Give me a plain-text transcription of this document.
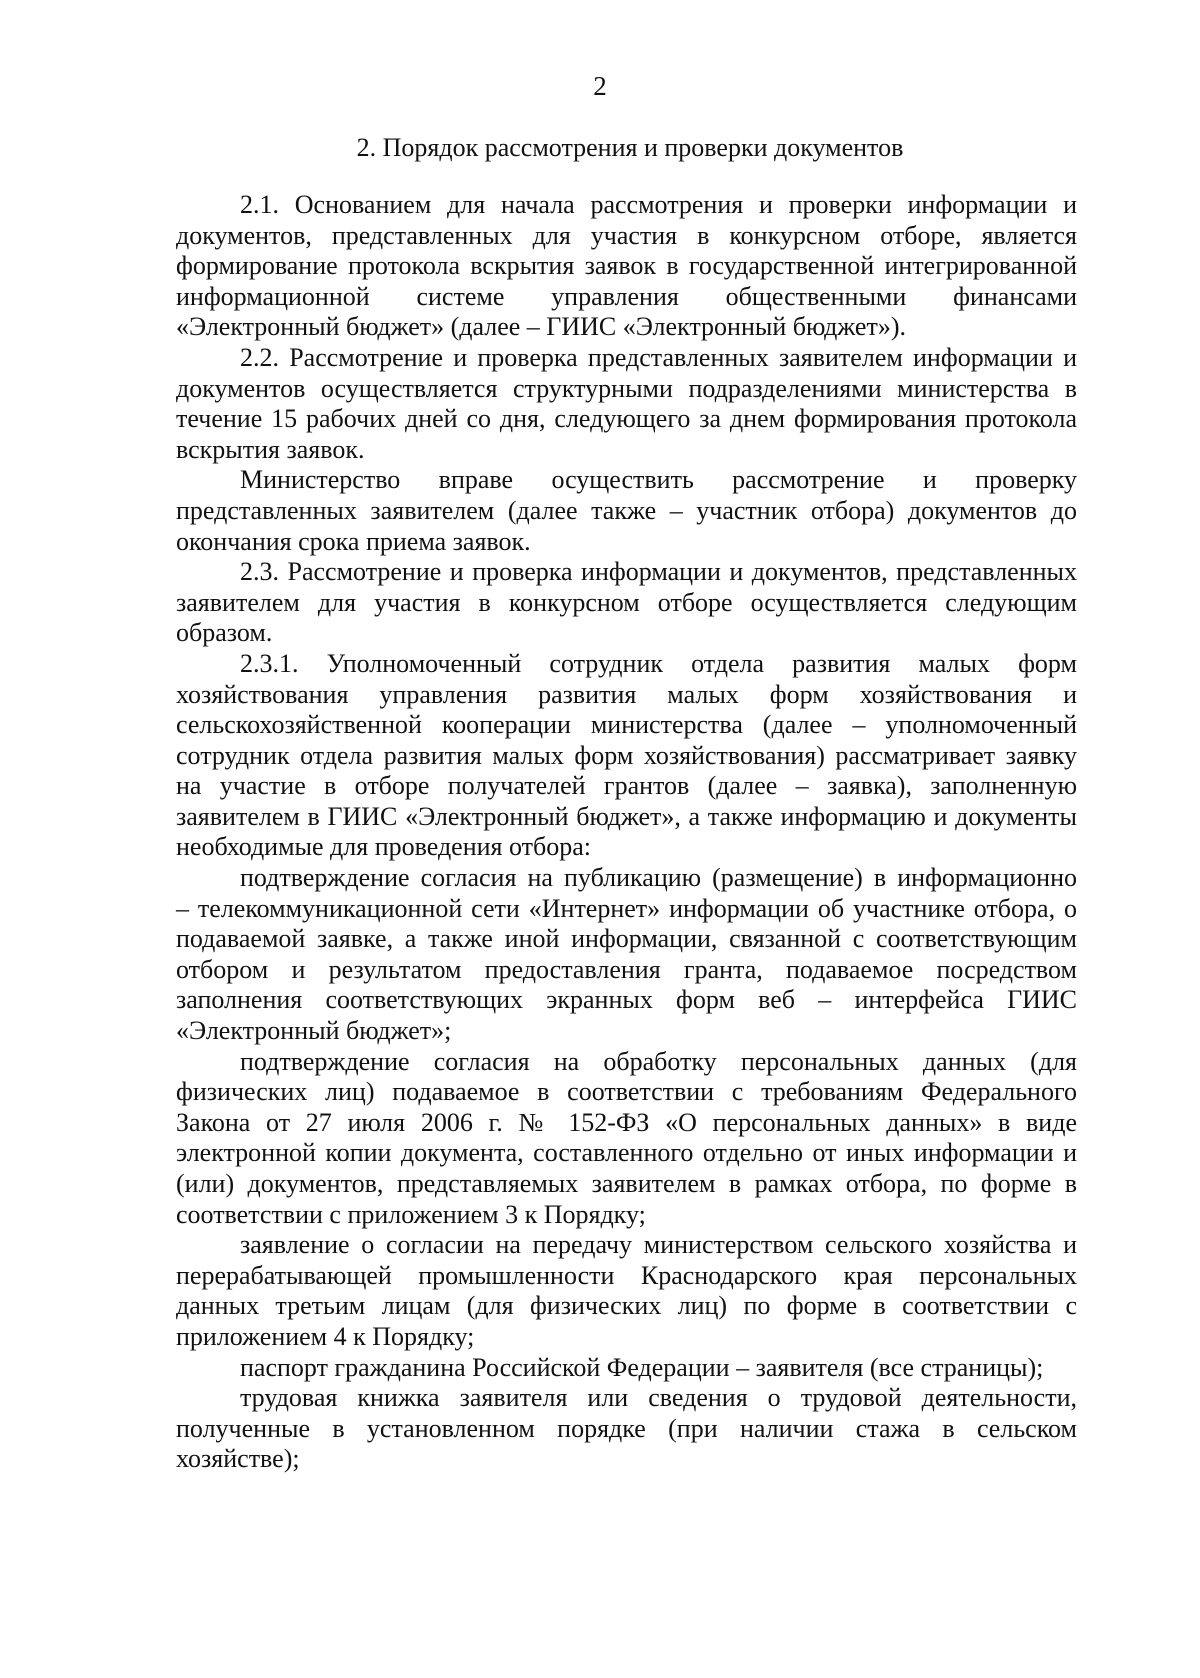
2
2. Порядок рассмотрения и проверки документов
2.1. Основанием для начала рассмотрения и проверки информации и
документов, представленных для участия в конкурсном отборе, является
формирование протокола вскрытия заявок в государственной интегрированной
информационной системе управления общественными финансами
«Электронный бюджет» (далее – ГИИС «Электронный бюджет»).
2.2. Рассмотрение и проверка представленных заявителем информации и
документов осуществляется структурными подразделениями министерства в
течение 15 рабочих дней со дня, следующего за днем формирования протокола
вскрытия заявок.
Министерство вправе осуществить рассмотрение и проверку
представленных заявителем (далее также – участник отбора) документов до
окончания срока приема заявок.
2.3. Рассмотрение и проверка информации и документов, представленных
заявителем для участия в конкурсном отборе осуществляется следующим
образом.
2.3.1. Уполномоченный сотрудник отдела развития малых форм
хозяйствования управления развития малых форм хозяйствования и
сельскохозяйственной кооперации министерства (далее – уполномоченный
сотрудник отдела развития малых форм хозяйствования) рассматривает заявку
на участие в отборе получателей грантов (далее – заявка), заполненную
заявителем в ГИИС «Электронный бюджет», а также информацию и документы
необходимые для проведения отбора:
подтверждение согласия на публикацию (размещение) в информационно
– телекоммуникационной сети «Интернет» информации об участнике отбора, о
подаваемой заявке, а также иной информации, связанной с соответствующим
отбором и результатом предоставления гранта, подаваемое посредством
заполнения соответствующих экранных форм веб – интерфейса ГИИС
«Электронный бюджет»;
подтверждение согласия на обработку персональных данных (для
физических лиц) подаваемое в соответствии с требованиям Федерального
Закона от 27 июля 2006 г. № 152-ФЗ «О персональных данных» в виде
электронной копии документа, составленного отдельно от иных информации и
(или) документов, представляемых заявителем в рамках отбора, по форме в
соответствии с приложением 3 к Порядку;
заявление о согласии на передачу министерством сельского хозяйства и
перерабатывающей промышленности Краснодарского края персональных
данных третьим лицам (для физических лиц) по форме в соответствии с
приложением 4 к Порядку;
паспорт гражданина Российской Федерации – заявителя (все страницы);
трудовая книжка заявителя или сведения о трудовой деятельности,
полученные в установленном порядке (при наличии стажа в сельском
хозяйстве);
